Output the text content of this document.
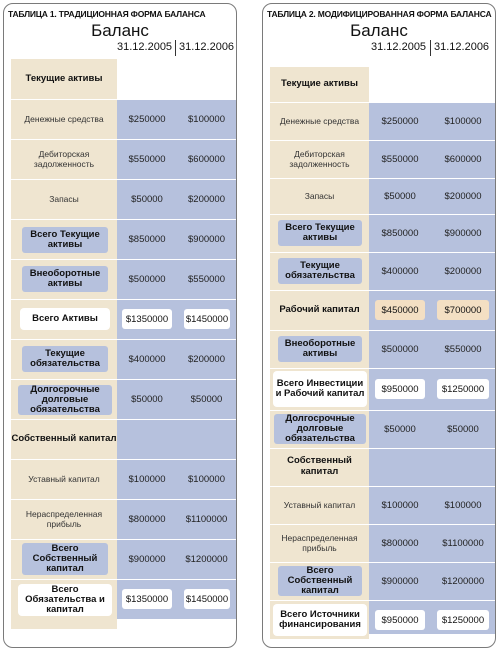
ТАБЛИЦА 1. ТРАДИЦИОННАЯ ФОРМА БАЛАНСА
Баланс
31.12.2005 31.12.2006
Текущие активы
Денежные средства	$250000	$100000
Дебиторская задолженность	$550000	$600000
Запасы	$50000	$200000
Всего Текущие активы	$850000	$900000
Внеоборотные активы	$500000	$550000
Всего Активы	$1350000	$1450000
Текущие обязательства	$400000	$200000
Долгосрочные долговые обязательства
$50000	$50000
Собственный капитал
Уставный капитал	$100000	$100000
Нераспределенная прибыль	$800000	$1100000
Всего Собственный капитал
$900000	$1200000
Всего Обязательства и капитал
$1350000	$1450000
ТАБЛИЦА 2. МОДИФИЦИРОВАННАЯ ФОРМА БАЛАНСА
Баланс
31.12.2005 31.12.2006
Текущие активы
Денежные средства	$250000	$100000
Дебиторская задолженность	$550000	$600000
Запасы	$50000	$200000
Всего Текущие активы	$850000	$900000
Текущие обязательства	$400000	$200000
Рабочий капитал	$450000	$700000
Внеоборотные активы	$500000	$550000
Всего Инвестиции и Рабочий капитал	$950000	$1250000
Долгосрочные долговые обязательства
$50000	$50000
Собственный капитал
Уставный капитал	$100000	$100000
Нераспределенная прибыль	$800000	$1100000
Всего Собственный капитал
$900000	$1200000
Всего Источники финансирования	$950000	$1250000
